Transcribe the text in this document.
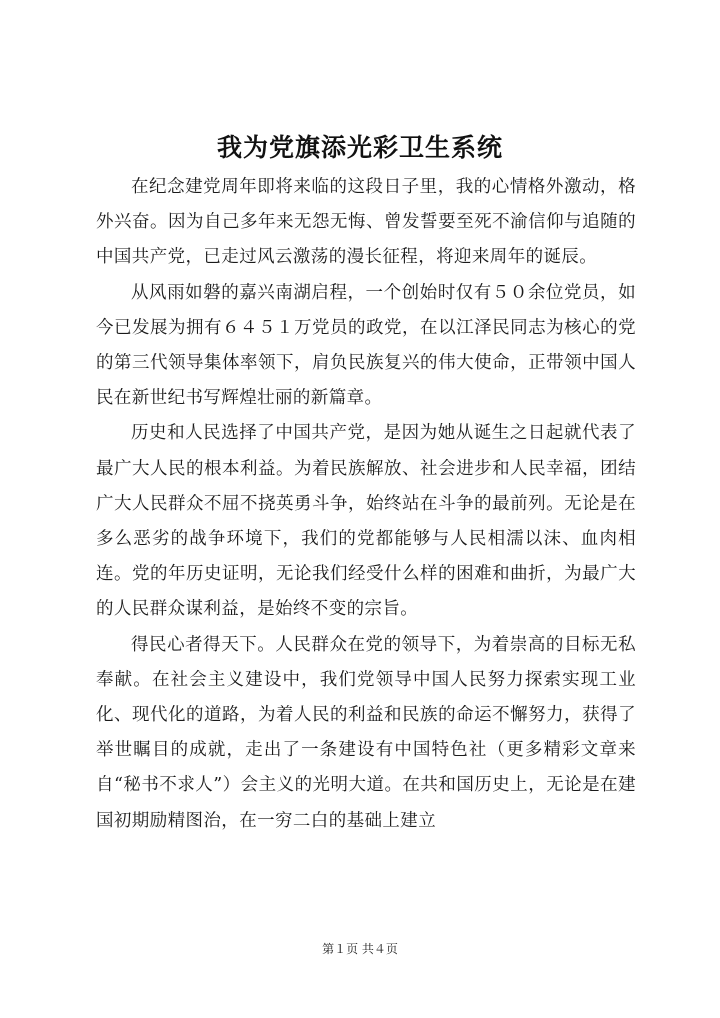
我为党旗添光彩卫生系统

在纪念建党周年即将来临的这段日子里，我的心情格外激动，格外兴奋。因为自己多年来无怨无悔、曾发誓要至死不渝信仰与追随的中国共产党，已走过风云激荡的漫长征程，将迎来周年的诞辰。

从风雨如磐的嘉兴南湖启程，一个创始时仅有５０余位党员，如今已发展为拥有６４５１万党员的政党，在以江泽民同志为核心的党的第三代领导集体率领下，肩负民族复兴的伟大使命，正带领中国人民在新世纪书写辉煌壮丽的新篇章。

历史和人民选择了中国共产党，是因为她从诞生之日起就代表了最广大人民的根本利益。为着民族解放、社会进步和人民幸福，团结广大人民群众不屈不挠英勇斗争，始终站在斗争的最前列。无论是在多么恶劣的战争环境下，我们的党都能够与人民相濡以沫、血肉相连。党的年历史证明，无论我们经受什么样的困难和曲折，为最广大的人民群众谋利益，是始终不变的宗旨。

得民心者得天下。人民群众在党的领导下，为着崇高的目标无私奉献。在社会主义建设中，我们党领导中国人民努力探索实现工业化、现代化的道路，为着人民的利益和民族的命运不懈努力，获得了举世瞩目的成就，走出了一条建设有中国特色社（更多精彩文章来自“秘书不求人”）会主义的光明大道。在共和国历史上，无论是在建国初期励精图治，在一穷二白的基础上建立

第１页 共４页
